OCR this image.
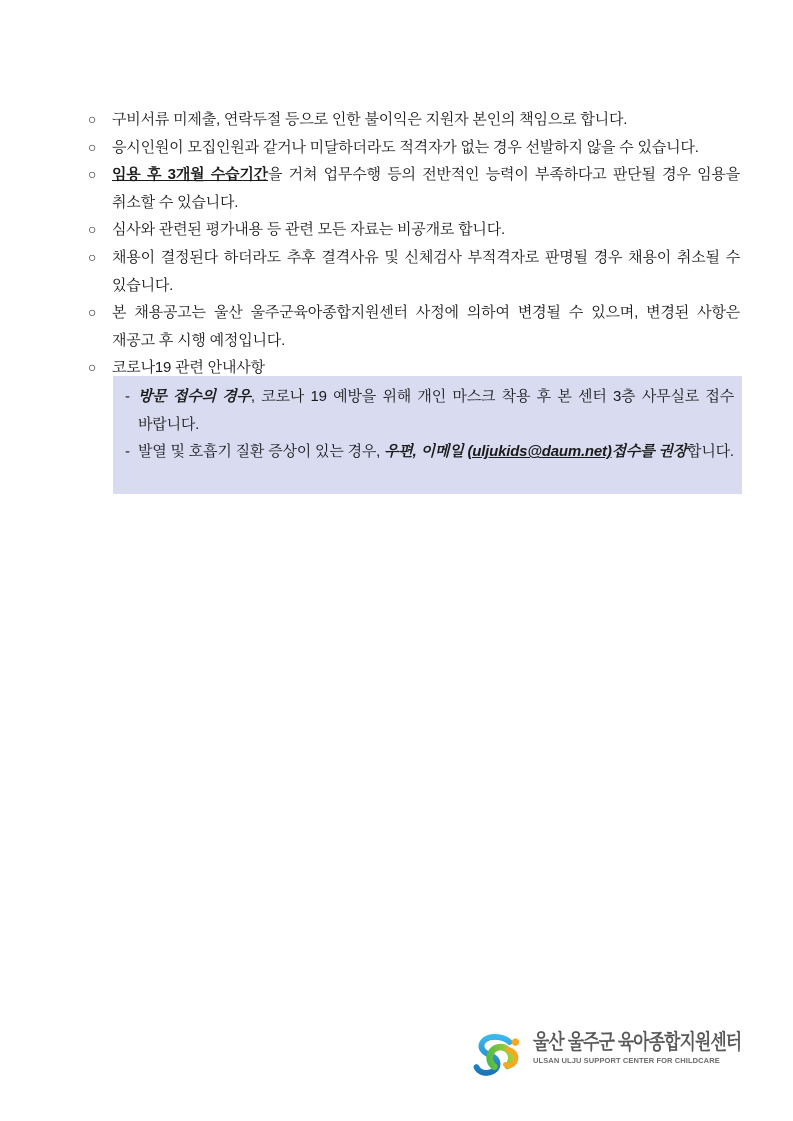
○ 구비서류 미제출, 연락두절 등으로 인한 불이익은 지원자 본인의 책임으로 합니다.
○ 응시인원이 모집인원과 같거나 미달하더라도 적격자가 없는 경우 선발하지 않을 수 있습니다.
○ 임용 후 3개월 수습기간을 거쳐 업무수행 등의 전반적인 능력이 부족하다고 판단될 경우 임용을 취소할 수 있습니다.
○ 심사와 관련된 평가내용 등 관련 모든 자료는 비공개로 합니다.
○ 채용이 결정된다 하더라도 추후 결격사유 및 신체검사 부적격자로 판명될 경우 채용이 취소될 수 있습니다.
○ 본 채용공고는 울산 울주군육아종합지원센터 사정에 의하여 변경될 수 있으며, 변경된 사항은 재공고 후 시행 예정입니다.
○ 코로나19 관련 안내사항
- 방문 접수의 경우, 코로나 19 예방을 위해 개인 마스크 착용 후 본 센터 3층 사무실로 접수 바랍니다.
- 발열 및 호흡기 질환 증상이 있는 경우, 우편, 이메일 (uljukids@daum.net)접수를 권장합니다.
울산 울주군 육아종합지원센터
ULSAN ULJU SUPPORT CENTER FOR CHILDCARE
